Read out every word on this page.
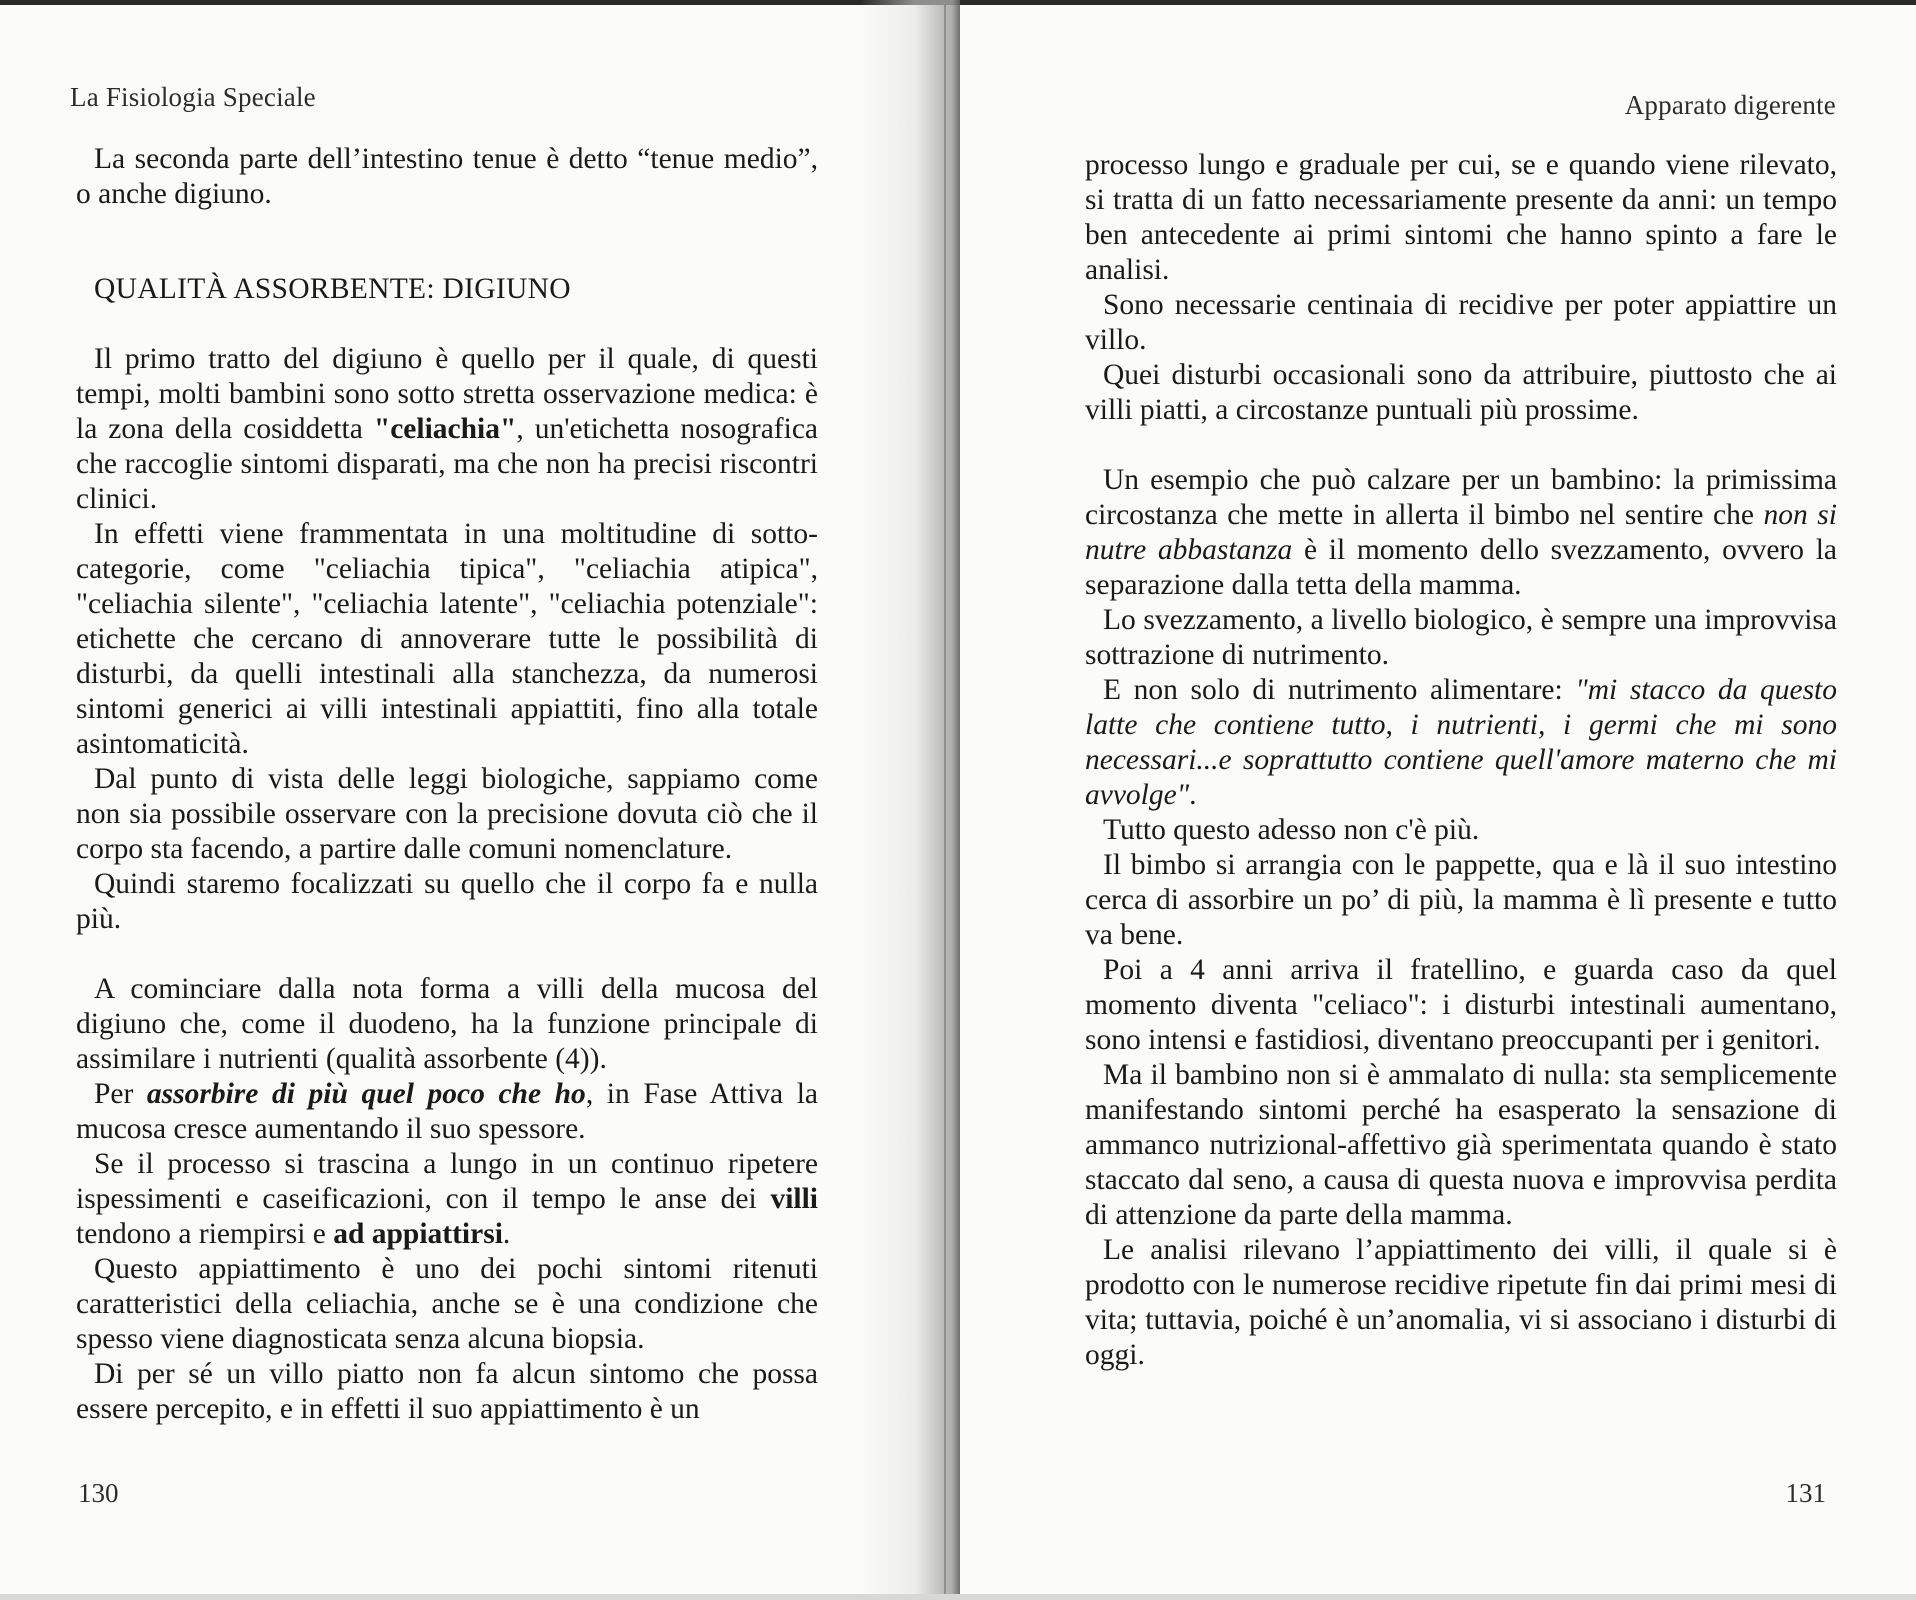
La Fisiologia Speciale

La seconda parte dell’intestino tenue è detto “tenue medio”, o anche digiuno.

QUALITÀ ASSORBENTE: DIGIUNO

Il primo tratto del digiuno è quello per il quale, di questi tempi, molti bambini sono sotto stretta osservazione medica: è la zona della cosiddetta "celiachia", un'etichetta nosografica che raccoglie sintomi disparati, ma che non ha precisi riscontri clinici.

In effetti viene frammentata in una moltitudine di sotto-categorie, come "celiachia tipica", "celiachia atipica", "celiachia silente", "celiachia latente", "celiachia potenziale": etichette che cercano di annoverare tutte le possibilità di disturbi, da quelli intestinali alla stanchezza, da numerosi sintomi generici ai villi intestinali appiattiti, fino alla totale asintomaticità.

Dal punto di vista delle leggi biologiche, sappiamo come non sia possibile osservare con la precisione dovuta ciò che il corpo sta facendo, a partire dalle comuni nomenclature.

Quindi staremo focalizzati su quello che il corpo fa e nulla più.

A cominciare dalla nota forma a villi della mucosa del digiuno che, come il duodeno, ha la funzione principale di assimilare i nutrienti (qualità assorbente (4)).

Per assorbire di più quel poco che ho, in Fase Attiva la mucosa cresce aumentando il suo spessore.

Se il processo si trascina a lungo in un continuo ripetere ispessimenti e caseificazioni, con il tempo le anse dei villi tendono a riempirsi e ad appiattirsi.

Questo appiattimento è uno dei pochi sintomi ritenuti caratteristici della celiachia, anche se è una condizione che spesso viene diagnosticata senza alcuna biopsia.

Di per sé un villo piatto non fa alcun sintomo che possa essere percepito, e in effetti il suo appiattimento è un

130
Apparato digerente

processo lungo e graduale per cui, se e quando viene rilevato, si tratta di un fatto necessariamente presente da anni: un tempo ben antecedente ai primi sintomi che hanno spinto a fare le analisi.

Sono necessarie centinaia di recidive per poter appiattire un villo.

Quei disturbi occasionali sono da attribuire, piuttosto che ai villi piatti, a circostanze puntuali più prossime.

Un esempio che può calzare per un bambino: la primissima circostanza che mette in allerta il bimbo nel sentire che non si nutre abbastanza è il momento dello svezzamento, ovvero la separazione dalla tetta della mamma.

Lo svezzamento, a livello biologico, è sempre una improvvisa sottrazione di nutrimento.

E non solo di nutrimento alimentare: "mi stacco da questo latte che contiene tutto, i nutrienti, i germi che mi sono necessari...e soprattutto contiene quell'amore materno che mi avvolge".

Tutto questo adesso non c'è più.

Il bimbo si arrangia con le pappette, qua e là il suo intestino cerca di assorbire un po’ di più, la mamma è lì presente e tutto va bene.

Poi a 4 anni arriva il fratellino, e guarda caso da quel momento diventa "celiaco": i disturbi intestinali aumentano, sono intensi e fastidiosi, diventano preoccupanti per i genitori.

Ma il bambino non si è ammalato di nulla: sta semplicemente manifestando sintomi perché ha esasperato la sensazione di ammanco nutrizional-affettivo già sperimentata quando è stato staccato dal seno, a causa di questa nuova e improvvisa perdita di attenzione da parte della mamma.

Le analisi rilevano l’appiattimento dei villi, il quale si è prodotto con le numerose recidive ripetute fin dai primi mesi di vita; tuttavia, poiché è un’anomalia, vi si associano i disturbi di oggi.

131
